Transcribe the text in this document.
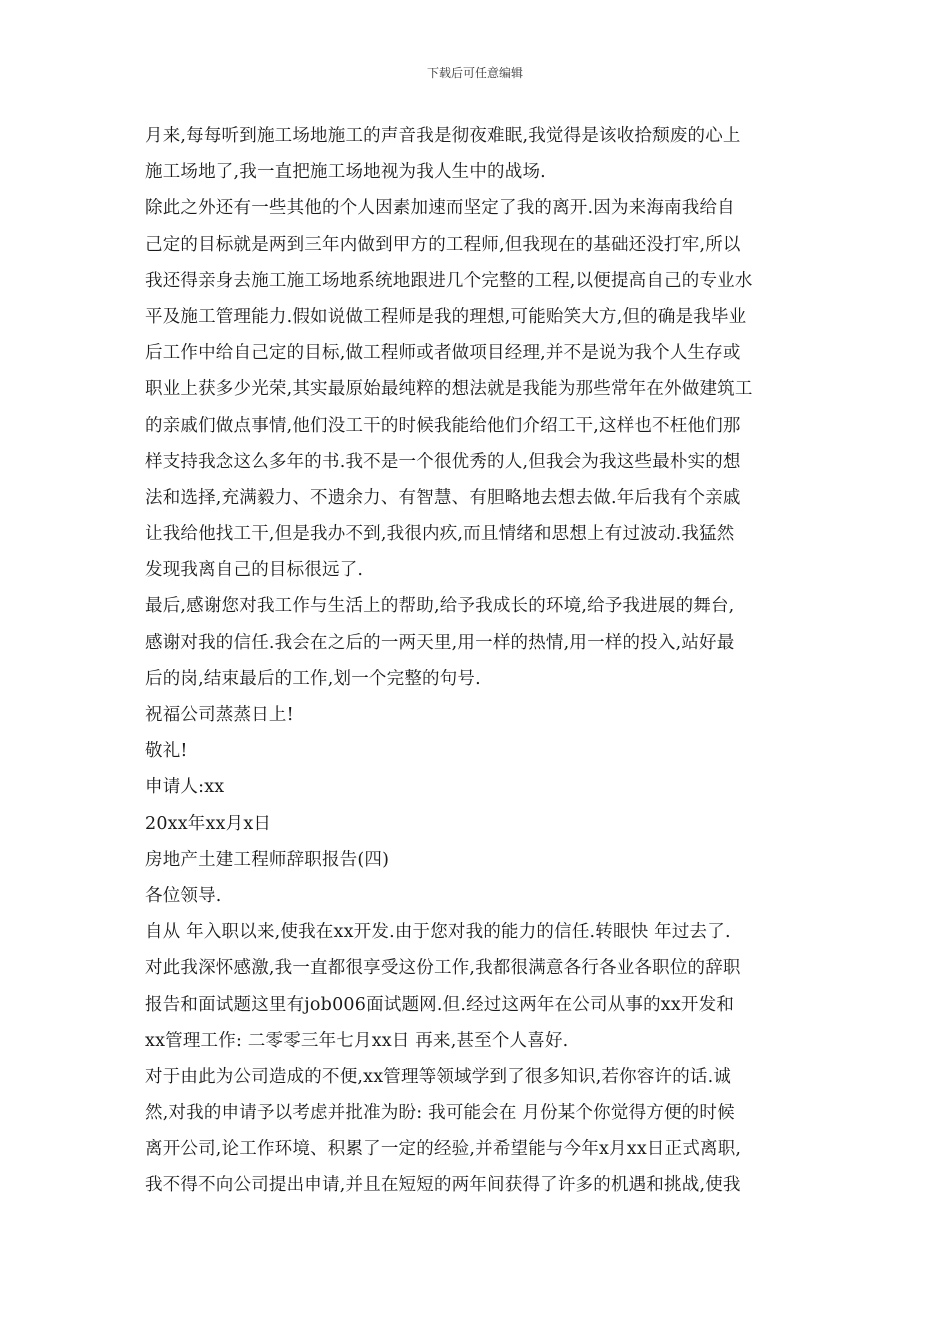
下载后可任意编辑
月来,每每听到施工场地施工的声音我是彻夜难眠,我觉得是该收拾颓废的心上
施工场地了,我一直把施工场地视为我人生中的战场.
除此之外还有一些其他的个人因素加速而坚定了我的离开.因为来海南我给自
己定的目标就是两到三年内做到甲方的工程师,但我现在的基础还没打牢,所以
我还得亲身去施工施工场地系统地跟进几个完整的工程,以便提高自己的专业水
平及施工管理能力.假如说做工程师是我的理想,可能贻笑大方,但的确是我毕业
后工作中给自己定的目标,做工程师或者做项目经理,并不是说为我个人生存或
职业上获多少光荣,其实最原始最纯粹的想法就是我能为那些常年在外做建筑工
的亲戚们做点事情,他们没工干的时候我能给他们介绍工干,这样也不枉他们那
样支持我念这么多年的书.我不是一个很优秀的人,但我会为我这些最朴实的想
法和选择,充满毅力、不遗余力、有智慧、有胆略地去想去做.年后我有个亲戚
让我给他找工干,但是我办不到,我很内疚,而且情绪和思想上有过波动.我猛然
发现我离自己的目标很远了.
最后,感谢您对我工作与生活上的帮助,给予我成长的环境,给予我进展的舞台,
感谢对我的信任.我会在之后的一两天里,用一样的热情,用一样的投入,站好最
后的岗,结束最后的工作,划一个完整的句号.
祝福公司蒸蒸日上!
敬礼!
申请人:xx
20xx年xx月x日
房地产土建工程师辞职报告(四)
各位领导.
自从 年入职以来,使我在xx开发.由于您对我的能力的信任.转眼快 年过去了.
对此我深怀感激,我一直都很享受这份工作,我都很满意各行各业各职位的辞职
报告和面试题这里有job006面试题网.但.经过这两年在公司从事的xx开发和
xx管理工作: 二零零三年七月xx日 再来,甚至个人喜好.
对于由此为公司造成的不便,xx管理等领域学到了很多知识,若你容许的话.诚
然,对我的申请予以考虑并批准为盼: 我可能会在 月份某个你觉得方便的时候
离开公司,论工作环境、积累了一定的经验,并希望能与今年x月xx日正式离职,
我不得不向公司提出申请,并且在短短的两年间获得了许多的机遇和挑战,使我
